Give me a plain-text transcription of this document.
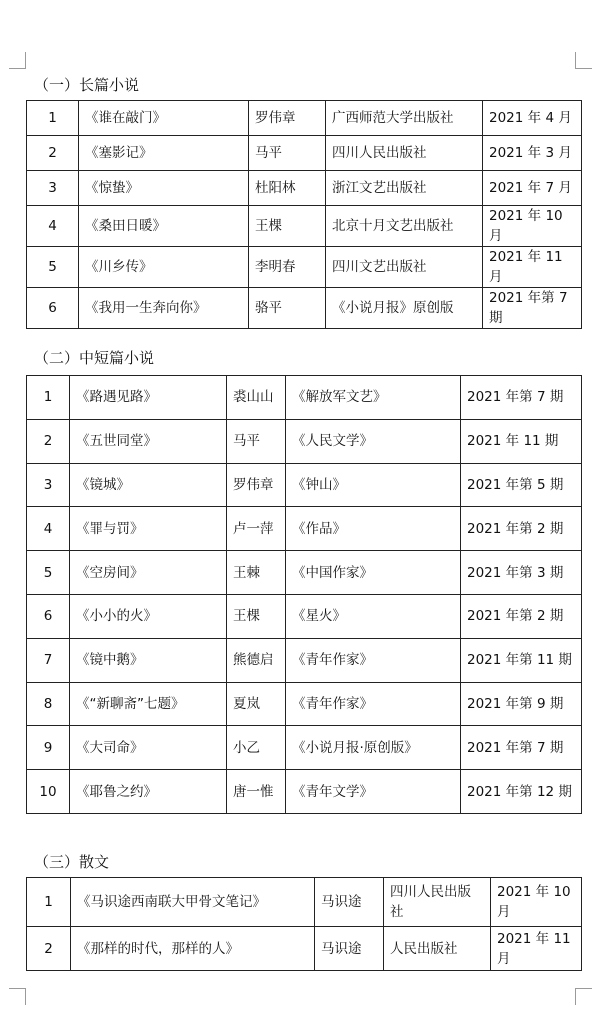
（一）长篇小说
1	《谁在敲门》	罗伟章	广西师范大学出版社	2021 年 4 月
2	《塞影记》	马平	四川人民出版社	2021 年 3 月
3	《惊蛰》	杜阳林	浙江文艺出版社	2021 年 7 月
4	《桑田日暖》	王棵	北京十月文艺出版社	2021 年 10 月
5	《川乡传》	李明春	四川文艺出版社	2021 年 11 月
6	《我用一生奔向你》	骆平	《小说月报》原创版	2021 年第 7 期
（二）中短篇小说
1	《路遇见路》	裘山山	《解放军文艺》	2021 年第 7 期
2	《五世同堂》	马平	《人民文学》	2021 年 11 期
3	《镜城》	罗伟章	《钟山》	2021 年第 5 期
4	《罪与罚》	卢一萍	《作品》	2021 年第 2 期
5	《空房间》	王棘	《中国作家》	2021 年第 3 期
6	《小小的火》	王棵	《星火》	2021 年第 2 期
7	《镜中鹅》	熊德启	《青年作家》	2021 年第 11 期
8	《“新聊斋”七题》	夏岚	《青年作家》	2021 年第 9 期
9	《大司命》	小乙	《小说月报·原创版》	2021 年第 7 期
10	《耶鲁之约》	唐一惟	《青年文学》	2021 年第 12 期
（三）散文
1	《马识途西南联大甲骨文笔记》	马识途	四川人民出版社	2021 年 10 月
2	《那样的时代，那样的人》	马识途	人民出版社	2021 年 11 月
